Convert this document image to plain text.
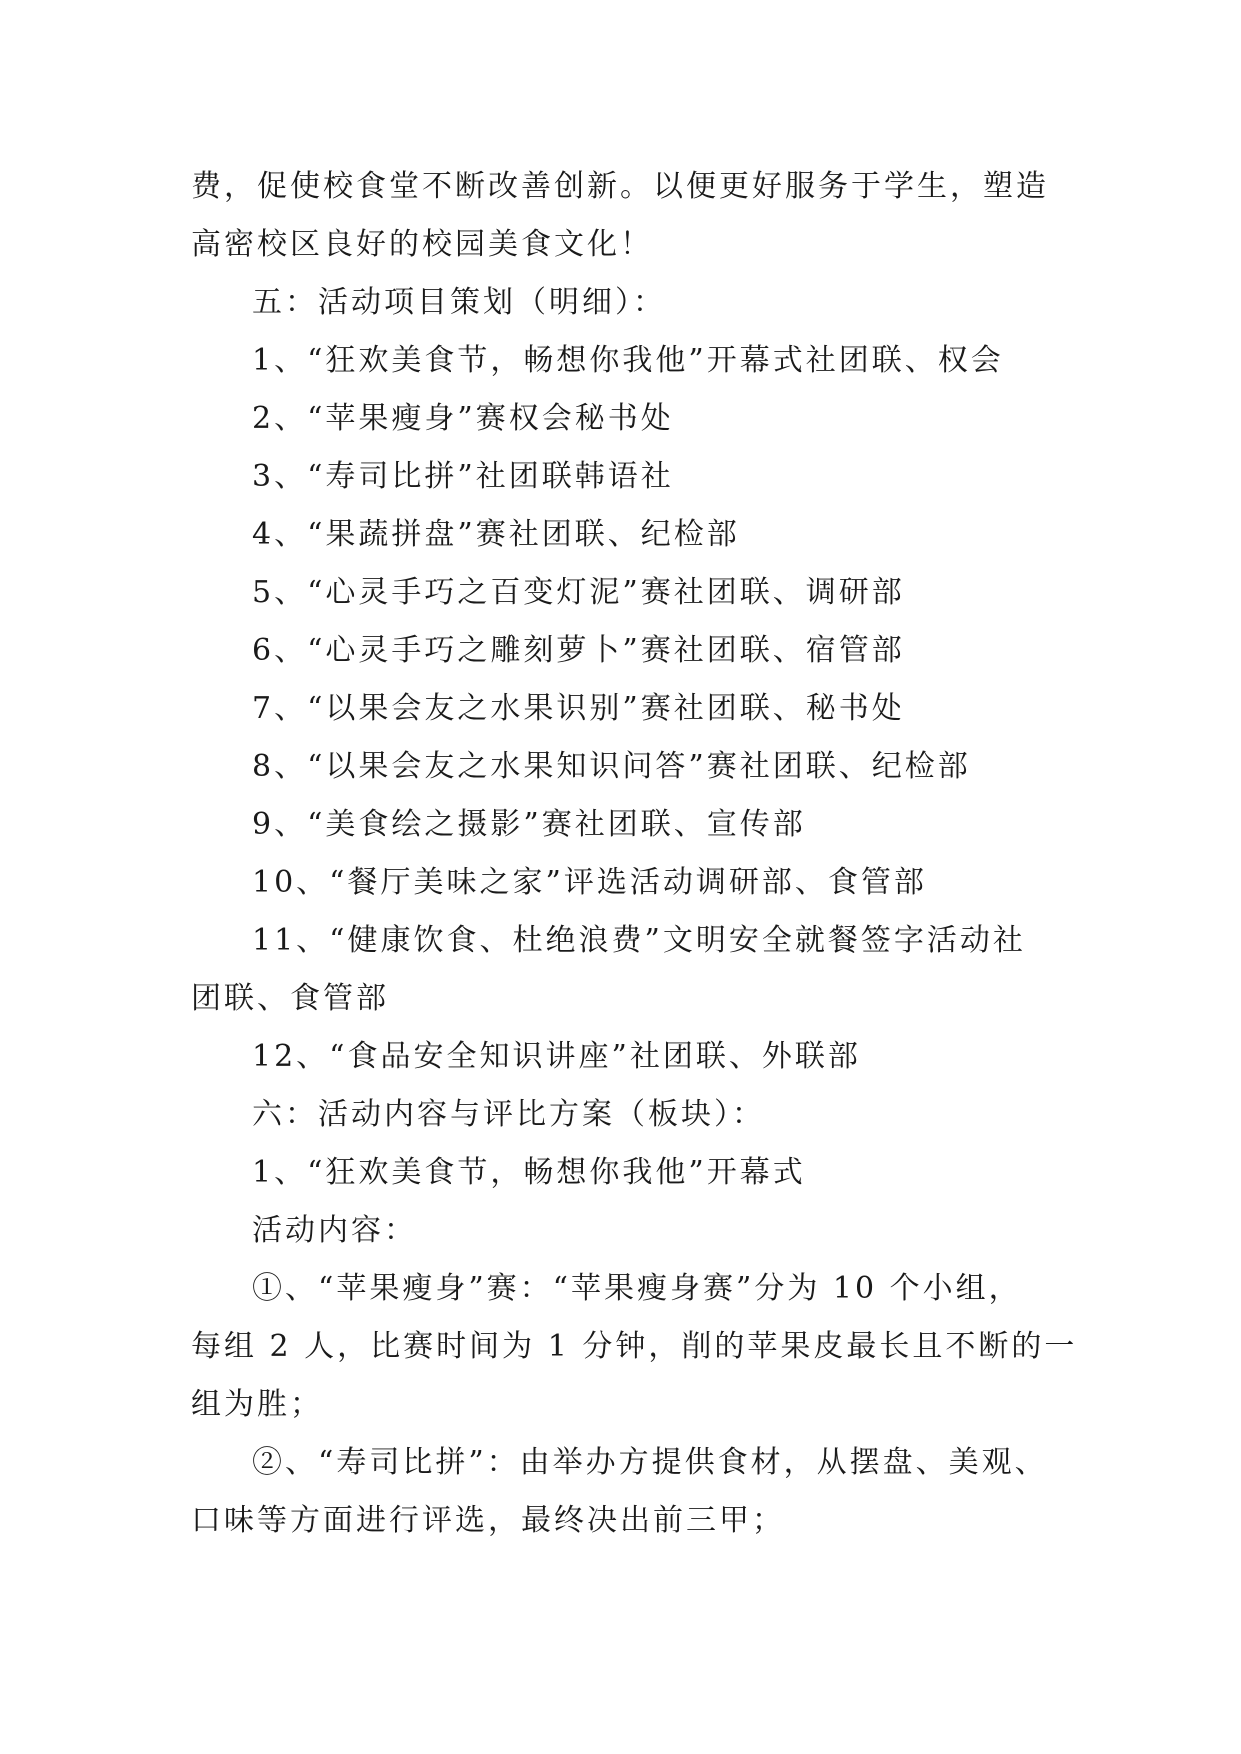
费，促使校食堂不断改善创新。以便更好服务于学生，塑造
高密校区良好的校园美食文化！
五：活动项目策划（明细）：
1、“狂欢美食节，畅想你我他”开幕式社团联、权会
2、“苹果瘦身”赛权会秘书处
3、“寿司比拼”社团联韩语社
4、“果蔬拼盘”赛社团联、纪检部
5、“心灵手巧之百变灯泥”赛社团联、调研部
6、“心灵手巧之雕刻萝卜”赛社团联、宿管部
7、“以果会友之水果识别”赛社团联、秘书处
8、“以果会友之水果知识问答”赛社团联、纪检部
9、“美食绘之摄影”赛社团联、宣传部
10、“餐厅美味之家”评选活动调研部、食管部
11、“健康饮食、杜绝浪费”文明安全就餐签字活动社
团联、食管部
12、“食品安全知识讲座”社团联、外联部
六：活动内容与评比方案（板块）：
1、“狂欢美食节，畅想你我他”开幕式
活动内容：
①、“苹果瘦身”赛：“苹果瘦身赛”分为 10 个小组，
每组 2 人，比赛时间为 1 分钟，削的苹果皮最长且不断的一
组为胜；
②、“寿司比拼”：由举办方提供食材，从摆盘、美观、
口味等方面进行评选，最终决出前三甲；
